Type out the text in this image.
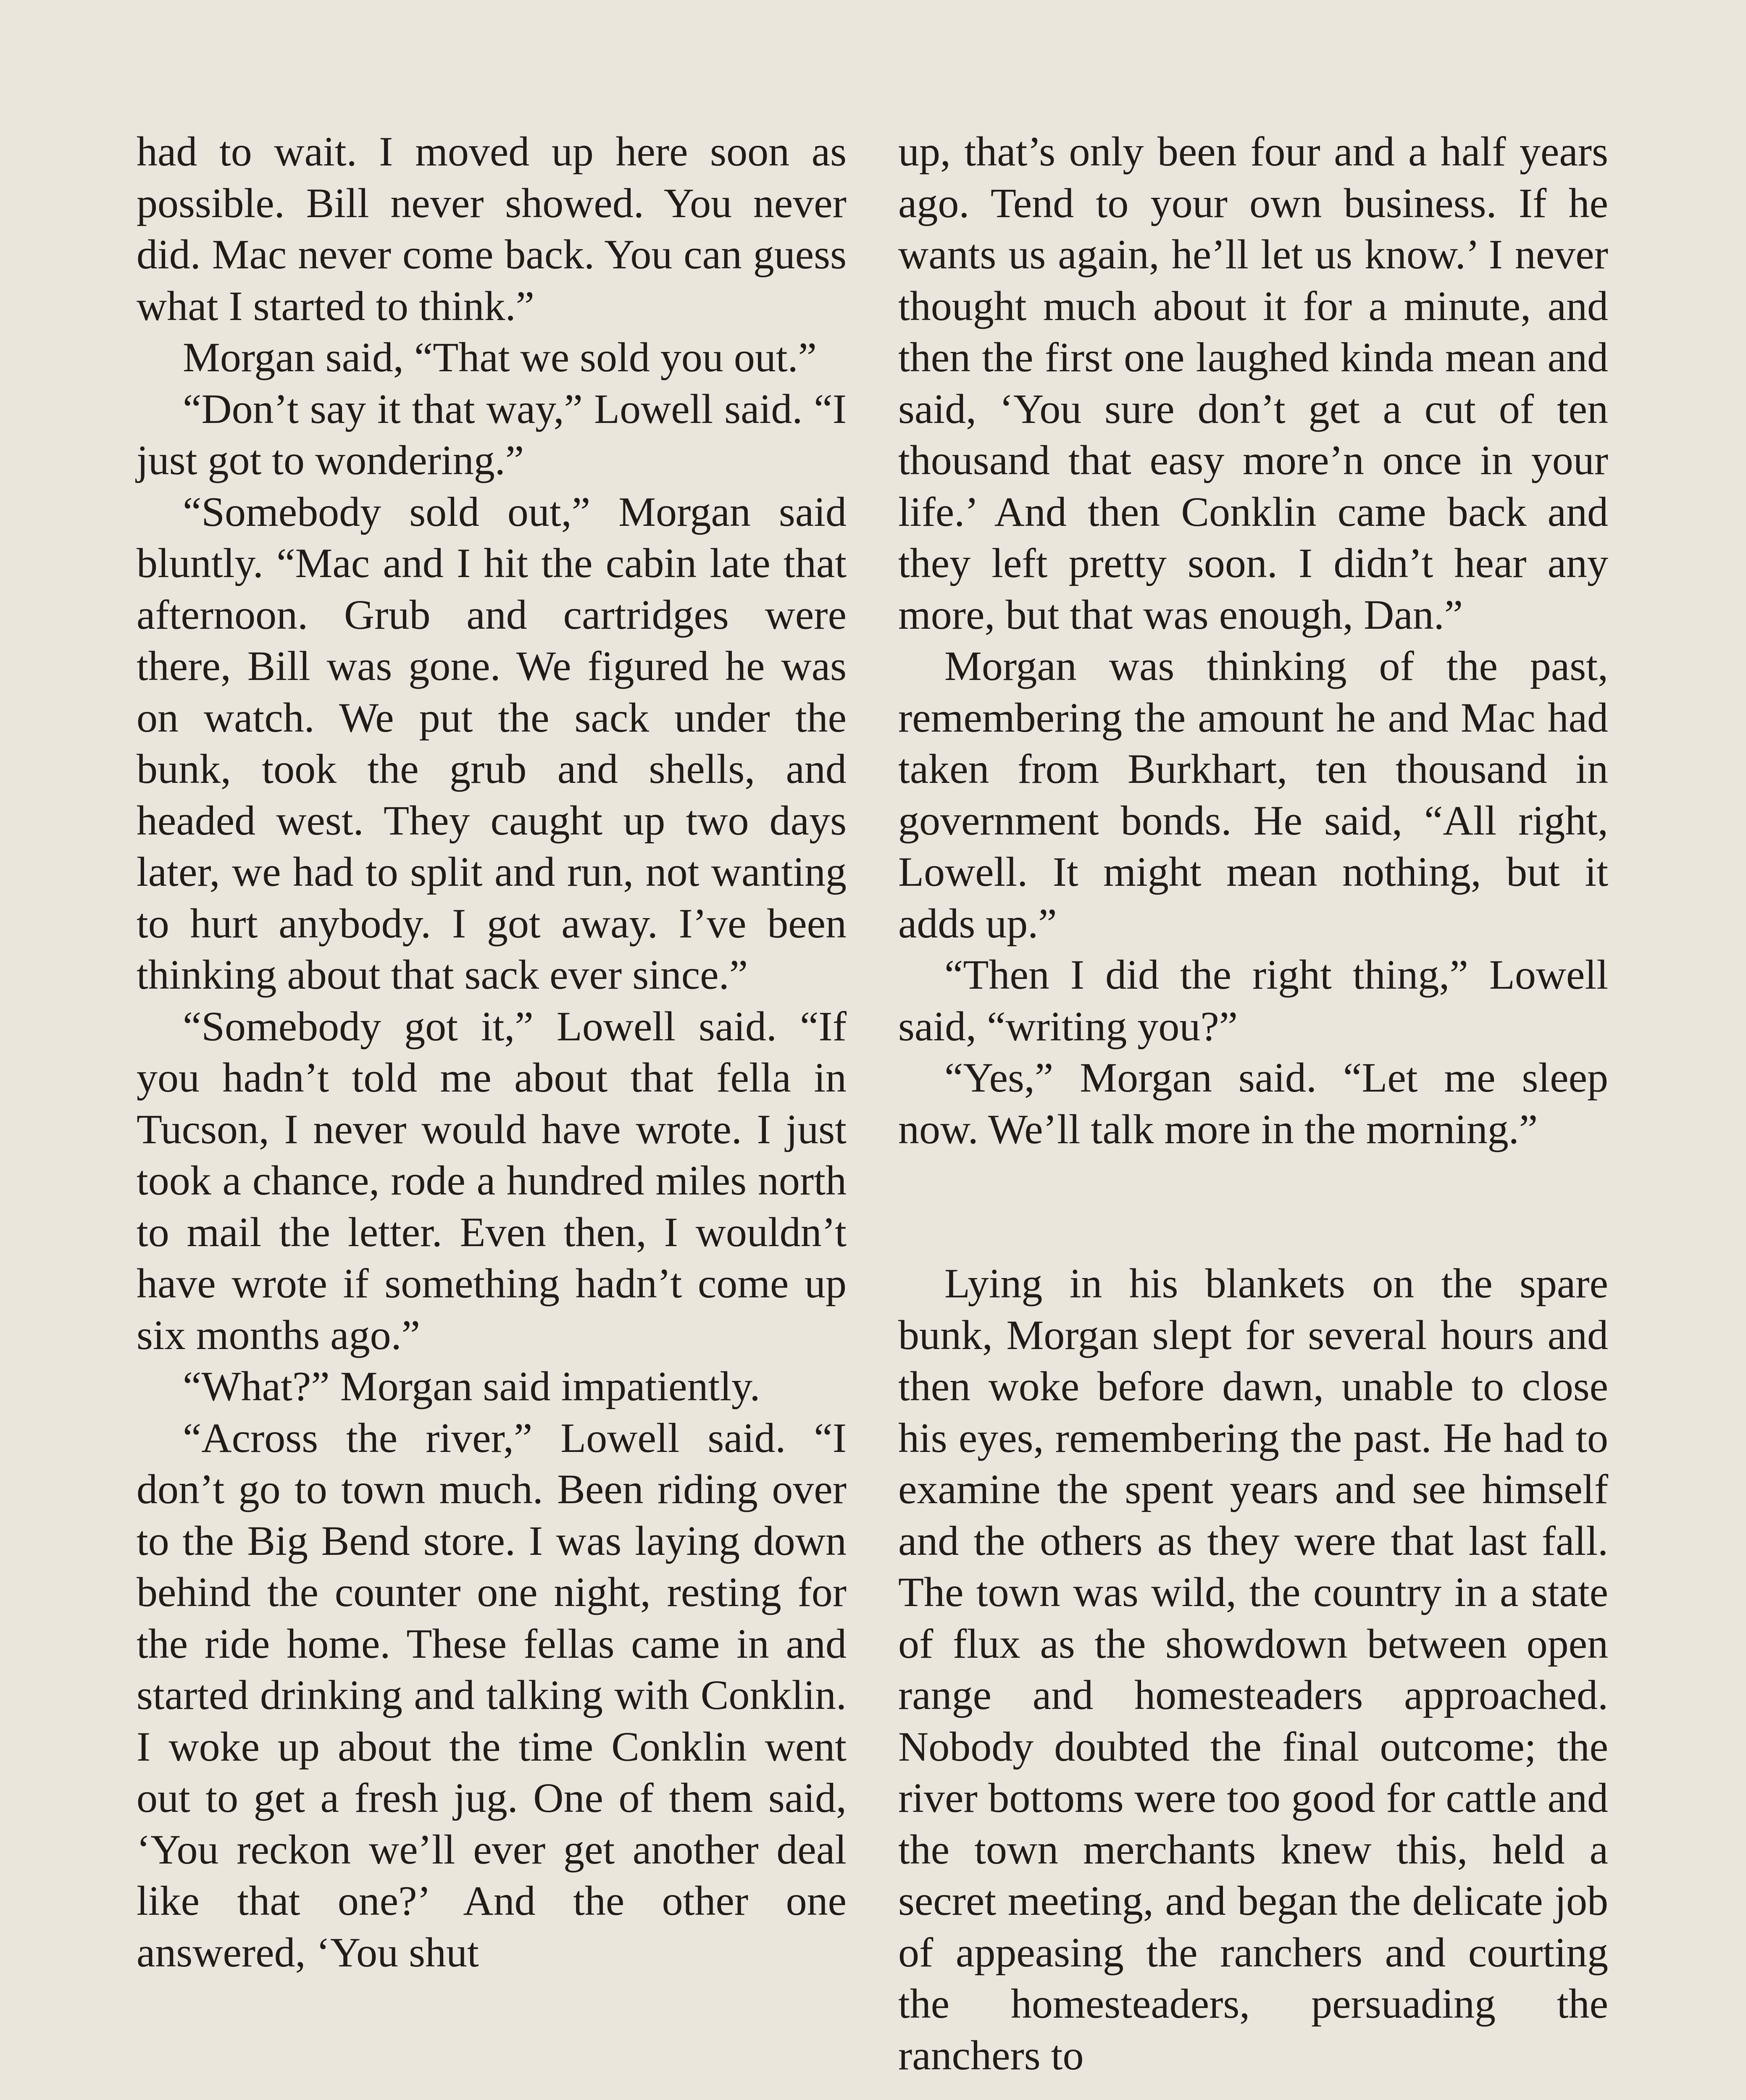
had to wait. I moved up here soon as possible. Bill never showed. You never did. Mac never come back. You can guess what I started to think.”

Morgan said, “That we sold you out.”

“Don’t say it that way,” Lowell said. “I just got to wondering.”

“Somebody sold out,” Morgan said bluntly. “Mac and I hit the cabin late that afternoon. Grub and cartridges were there, Bill was gone. We figured he was on watch. We put the sack under the bunk, took the grub and shells, and headed west. They caught up two days later, we had to split and run, not wanting to hurt anybody. I got away. I’ve been thinking about that sack ever since.”

“Somebody got it,” Lowell said. “If you hadn’t told me about that fella in Tucson, I never would have wrote. I just took a chance, rode a hundred miles north to mail the letter. Even then, I wouldn’t have wrote if something hadn’t come up six months ago.”

“What?” Morgan said impatiently.

“Across the river,” Lowell said. “I don’t go to town much. Been riding over to the Big Bend store. I was laying down behind the counter one night, resting for the ride home. These fellas came in and started drinking and talking with Conklin. I woke up about the time Conklin went out to get a fresh jug. One of them said, ‘You reckon we’ll ever get another deal like that one?’ And the other one answered, ‘You shut

up, that’s only been four and a half years ago. Tend to your own business. If he wants us again, he’ll let us know.’ I never thought much about it for a minute, and then the first one laughed kinda mean and said, ‘You sure don’t get a cut of ten thousand that easy more’n once in your life.’ And then Conklin came back and they left pretty soon. I didn’t hear any more, but that was enough, Dan.”

Morgan was thinking of the past, remembering the amount he and Mac had taken from Burkhart, ten thousand in government bonds. He said, “All right, Lowell. It might mean nothing, but it adds up.”

“Then I did the right thing,” Lowell said, “writing you?”

“Yes,” Morgan said. “Let me sleep now. We’ll talk more in the morning.”

Lying in his blankets on the spare bunk, Morgan slept for several hours and then woke before dawn, unable to close his eyes, remembering the past. He had to examine the spent years and see himself and the others as they were that last fall. The town was wild, the country in a state of flux as the showdown between open range and homesteaders approached. Nobody doubted the final outcome; the river bottoms were too good for cattle and the town merchants knew this, held a secret meeting, and began the delicate job of appeasing the ranchers and courting the homesteaders, persuading the ranchers to
